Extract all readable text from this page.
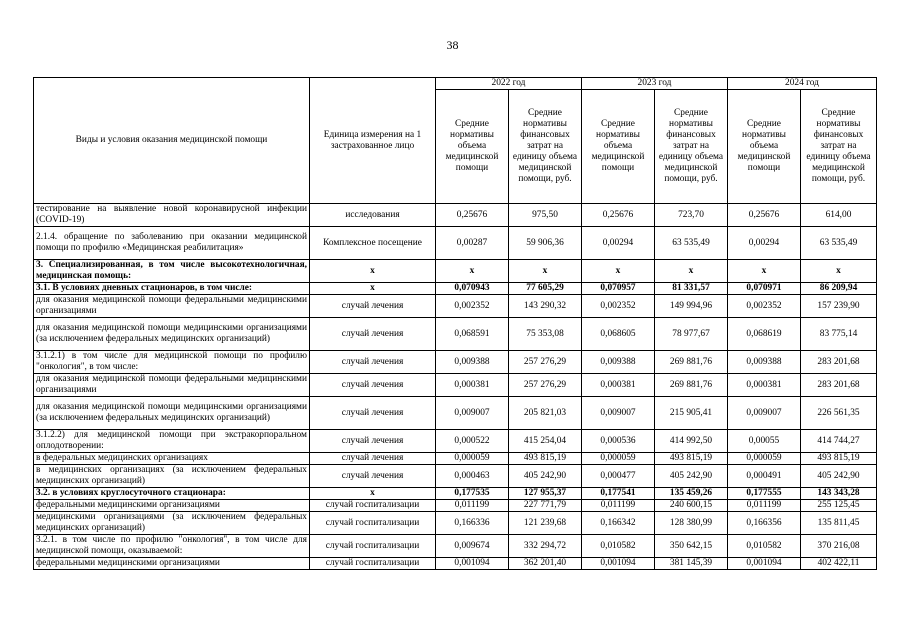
38
Виды и условия оказания медицинской помощи	Единица измерения на 1 застрахованное лицо	2022 год		2023 год		2024 год	
		Средние нормативы объема медицинской помощи	Средние нормативы финансовых затрат на единицу объема медицинской помощи, руб.	Средние нормативы объема медицинской помощи	Средние нормативы финансовых затрат на единицу объема медицинской помощи, руб.	Средние нормативы объема медицинской помощи	Средние нормативы финансовых затрат на единицу объема медицинской помощи, руб.
тестирование на выявление новой коронавирусной инфекции (COVID-19)	исследования	0,25676	975,50	0,25676	723,70	0,25676	614,00
2.1.4. обращение по заболеванию при оказании медицинской помощи по профилю «Медицинская реабилитация»	Комплексное посещение	0,00287	59 906,36	0,00294	63 535,49	0,00294	63 535,49
3. Специализированная, в том числе высокотехнологичная, медицинская помощь:	х	х	х	х	х	х	х
3.1. В условиях дневных стационаров, в том числе:	х	0,070943	77 605,29	0,070957	81 331,57	0,070971	86 209,94
для оказания медицинской помощи федеральными медицинскими организациями	случай лечения	0,002352	143 290,32	0,002352	149 994,96	0,002352	157 239,90
для оказания медицинской помощи медицинскими организациями (за исключением федеральных медицинских организаций)	случай лечения	0,068591	75 353,08	0,068605	78 977,67	0,068619	83 775,14
3.1.2.1) в том числе для медицинской помощи по профилю "онкология", в том числе:	случай лечения	0,009388	257 276,29	0,009388	269 881,76	0,009388	283 201,68
для оказания медицинской помощи федеральными медицинскими организациями	случай лечения	0,000381	257 276,29	0,000381	269 881,76	0,000381	283 201,68
для оказания медицинской помощи медицинскими организациями (за исключением федеральных медицинских организаций)	случай лечения	0,009007	205 821,03	0,009007	215 905,41	0,009007	226 561,35
3.1.2.2) для медицинской помощи при экстракорпоральном оплодотворении:	случай лечения	0,000522	415 254,04	0,000536	414 992,50	0,00055	414 744,27
в федеральных медицинских организациях	случай лечения	0,000059	493 815,19	0,000059	493 815,19	0,000059	493 815,19
в медицинских организациях (за исключением федеральных медицинских организаций)	случай лечения	0,000463	405 242,90	0,000477	405 242,90	0,000491	405 242,90
3.2. в условиях круглосуточного стационара:	х	0,177535	127 955,37	0,177541	135 459,26	0,177555	143 343,28
федеральными медицинскими организациями	случай госпитализации	0,011199	227 771,79	0,011199	240 600,15	0,011199	255 125,45
медицинскими организациями (за исключением федеральных медицинских организаций)	случай госпитализации	0,166336	121 239,68	0,166342	128 380,99	0,166356	135 811,45
3.2.1. в том числе по профилю "онкология", в том числе для медицинской помощи, оказываемой:	случай госпитализации	0,009674	332 294,72	0,010582	350 642,15	0,010582	370 216,08
федеральными медицинскими организациями	случай госпитализации	0,001094	362 201,40	0,001094	381 145,39	0,001094	402 422,11
